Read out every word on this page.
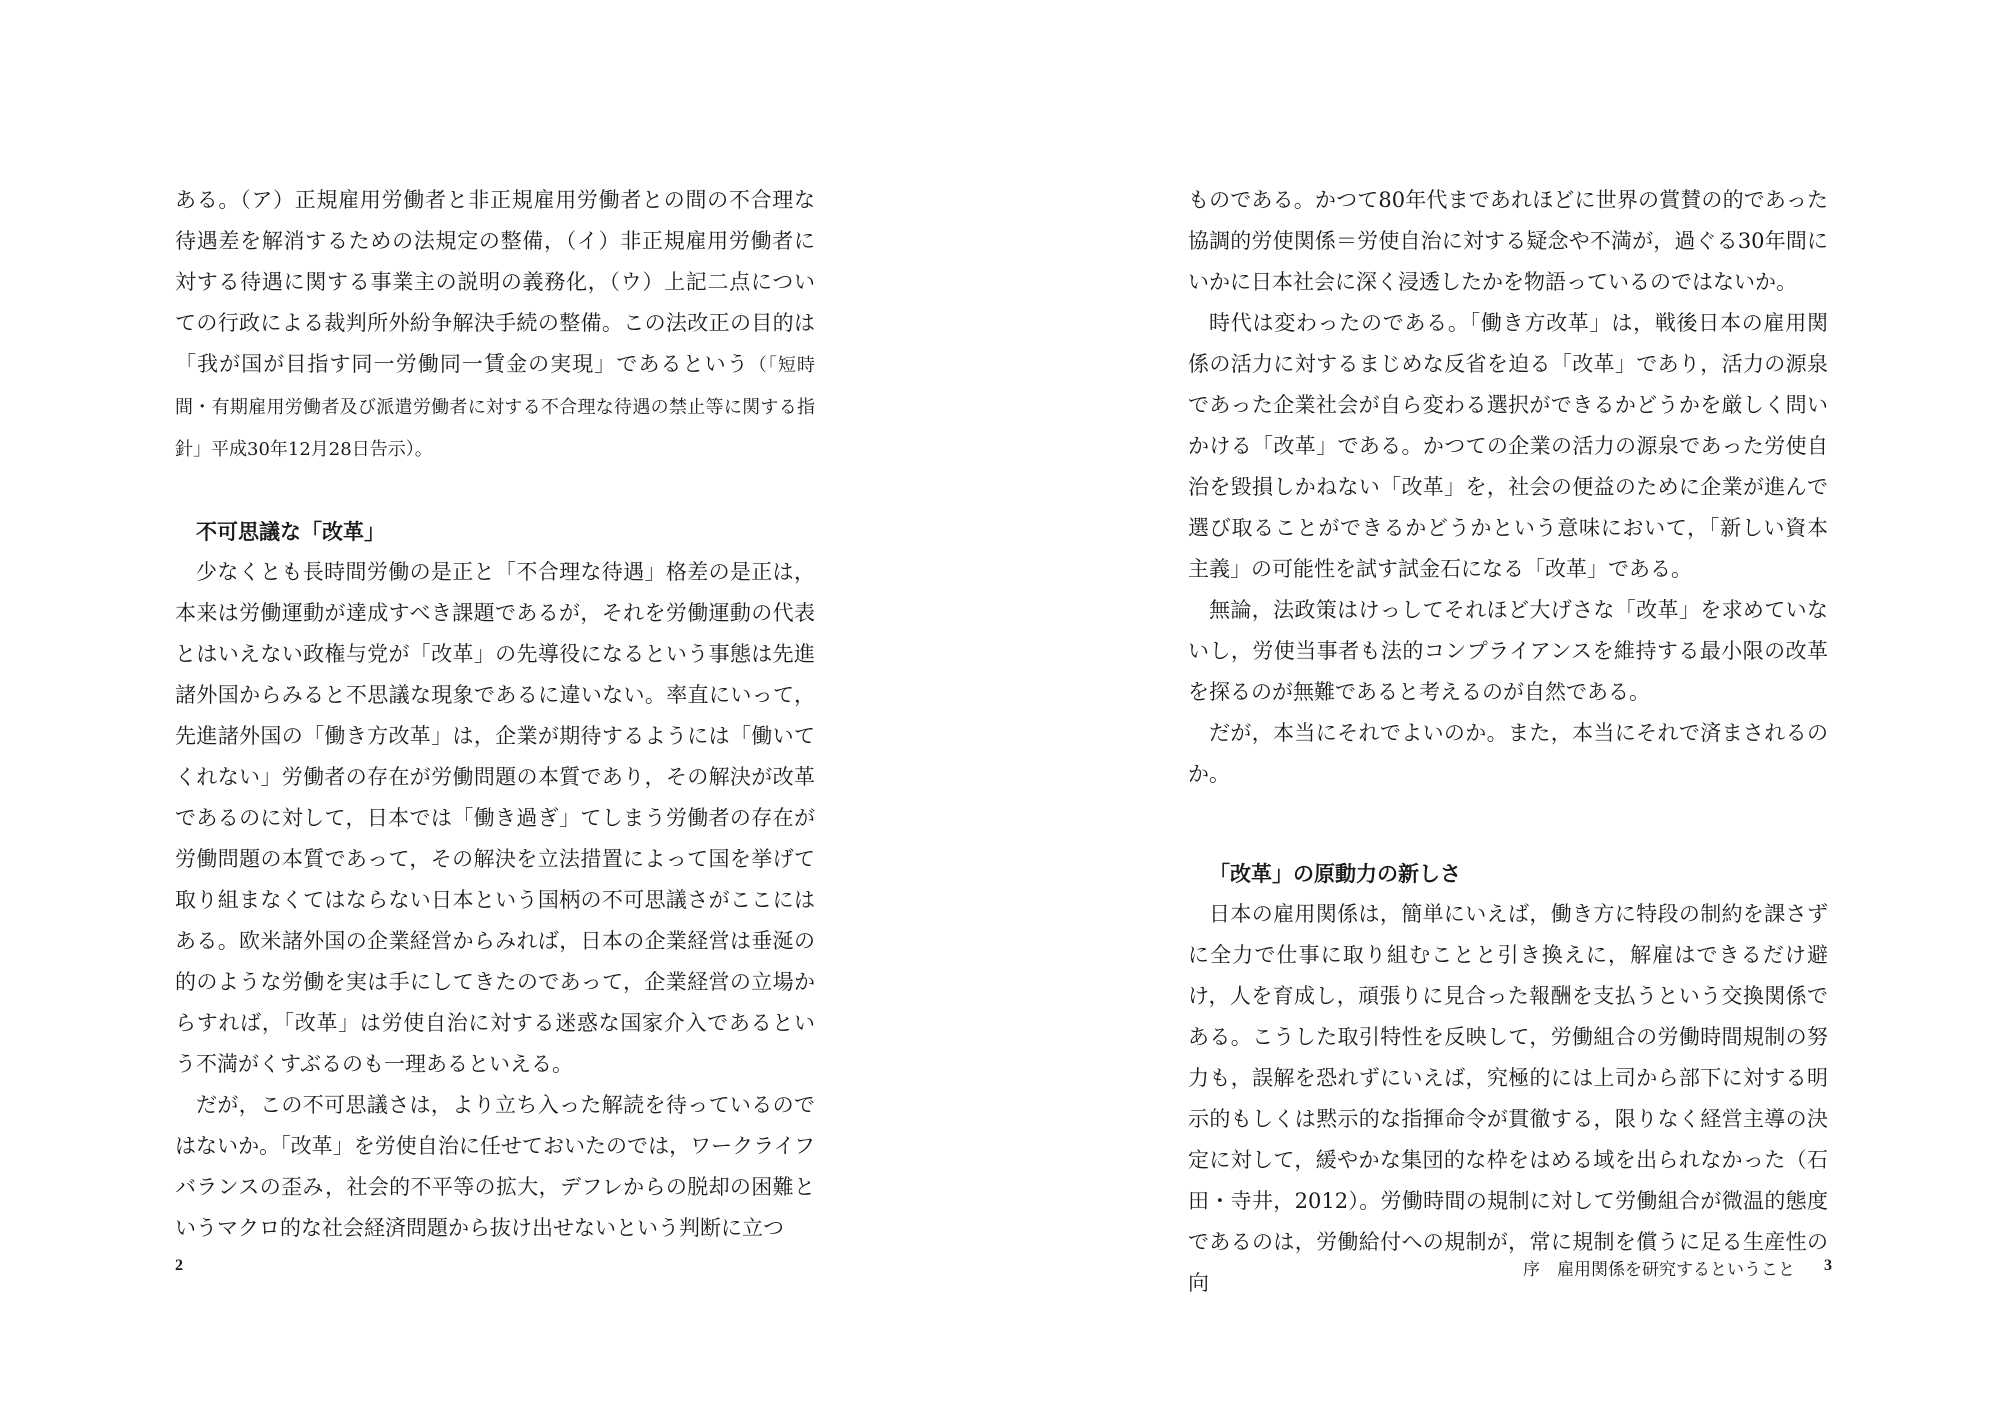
ある。（ア）正規雇用労働者と非正規雇用労働者との間の不合理な待遇差を解消するための法規定の整備，（イ）非正規雇用労働者に対する待遇に関する事業主の説明の義務化，（ウ）上記二点についての行政による裁判所外紛争解決手続の整備。この法改正の目的は「我が国が目指す同一労働同一賃金の実現」であるという（「短時間・有期雇用労働者及び派遣労働者に対する不合理な待遇の禁止等に関する指針」平成30年12月28日告示）。

不可思議な「改革」

少なくとも長時間労働の是正と「不合理な待遇」格差の是正は，本来は労働運動が達成すべき課題であるが，それを労働運動の代表とはいえない政権与党が「改革」の先導役になるという事態は先進諸外国からみると不思議な現象であるに違いない。率直にいって，先進諸外国の「働き方改革」は，企業が期待するようには「働いてくれない」労働者の存在が労働問題の本質であり，その解決が改革であるのに対して，日本では「働き過ぎ」てしまう労働者の存在が労働問題の本質であって，その解決を立法措置によって国を挙げて取り組まなくてはならない日本という国柄の不可思議さがここにはある。欧米諸外国の企業経営からみれば，日本の企業経営は垂涎の的のような労働を実は手にしてきたのであって，企業経営の立場からすれば，「改革」は労使自治に対する迷惑な国家介入であるという不満がくすぶるのも一理あるといえる。

だが，この不可思議さは，より立ち入った解読を待っているのではないか。「改革」を労使自治に任せておいたのでは，ワークライフバランスの歪み，社会的不平等の拡大，デフレからの脱却の困難というマクロ的な社会経済問題から抜け出せないという判断に立つ

2

ものである。かつて80年代まであれほどに世界の賞賛の的であった協調的労使関係＝労使自治に対する疑念や不満が，過ぐる30年間にいかに日本社会に深く浸透したかを物語っているのではないか。

時代は変わったのである。「働き方改革」は，戦後日本の雇用関係の活力に対するまじめな反省を迫る「改革」であり，活力の源泉であった企業社会が自ら変わる選択ができるかどうかを厳しく問いかける「改革」である。かつての企業の活力の源泉であった労使自治を毀損しかねない「改革」を，社会の便益のために企業が進んで選び取ることができるかどうかという意味において，「新しい資本主義」の可能性を試す試金石になる「改革」である。

無論，法政策はけっしてそれほど大げさな「改革」を求めていないし，労使当事者も法的コンプライアンスを維持する最小限の改革を探るのが無難であると考えるのが自然である。

だが，本当にそれでよいのか。また，本当にそれで済まされるのか。

「改革」の原動力の新しさ

日本の雇用関係は，簡単にいえば，働き方に特段の制約を課さずに全力で仕事に取り組むことと引き換えに，解雇はできるだけ避け，人を育成し，頑張りに見合った報酬を支払うという交換関係である。こうした取引特性を反映して，労働組合の労働時間規制の努力も，誤解を恐れずにいえば，究極的には上司から部下に対する明示的もしくは黙示的な指揮命令が貫徹する，限りなく経営主導の決定に対して，緩やかな集団的な枠をはめる域を出られなかった（石田・寺井，2012）。労働時間の規制に対して労働組合が微温的態度であるのは，労働給付への規制が，常に規制を償うに足る生産性の向

序　雇用関係を研究するということ 3
